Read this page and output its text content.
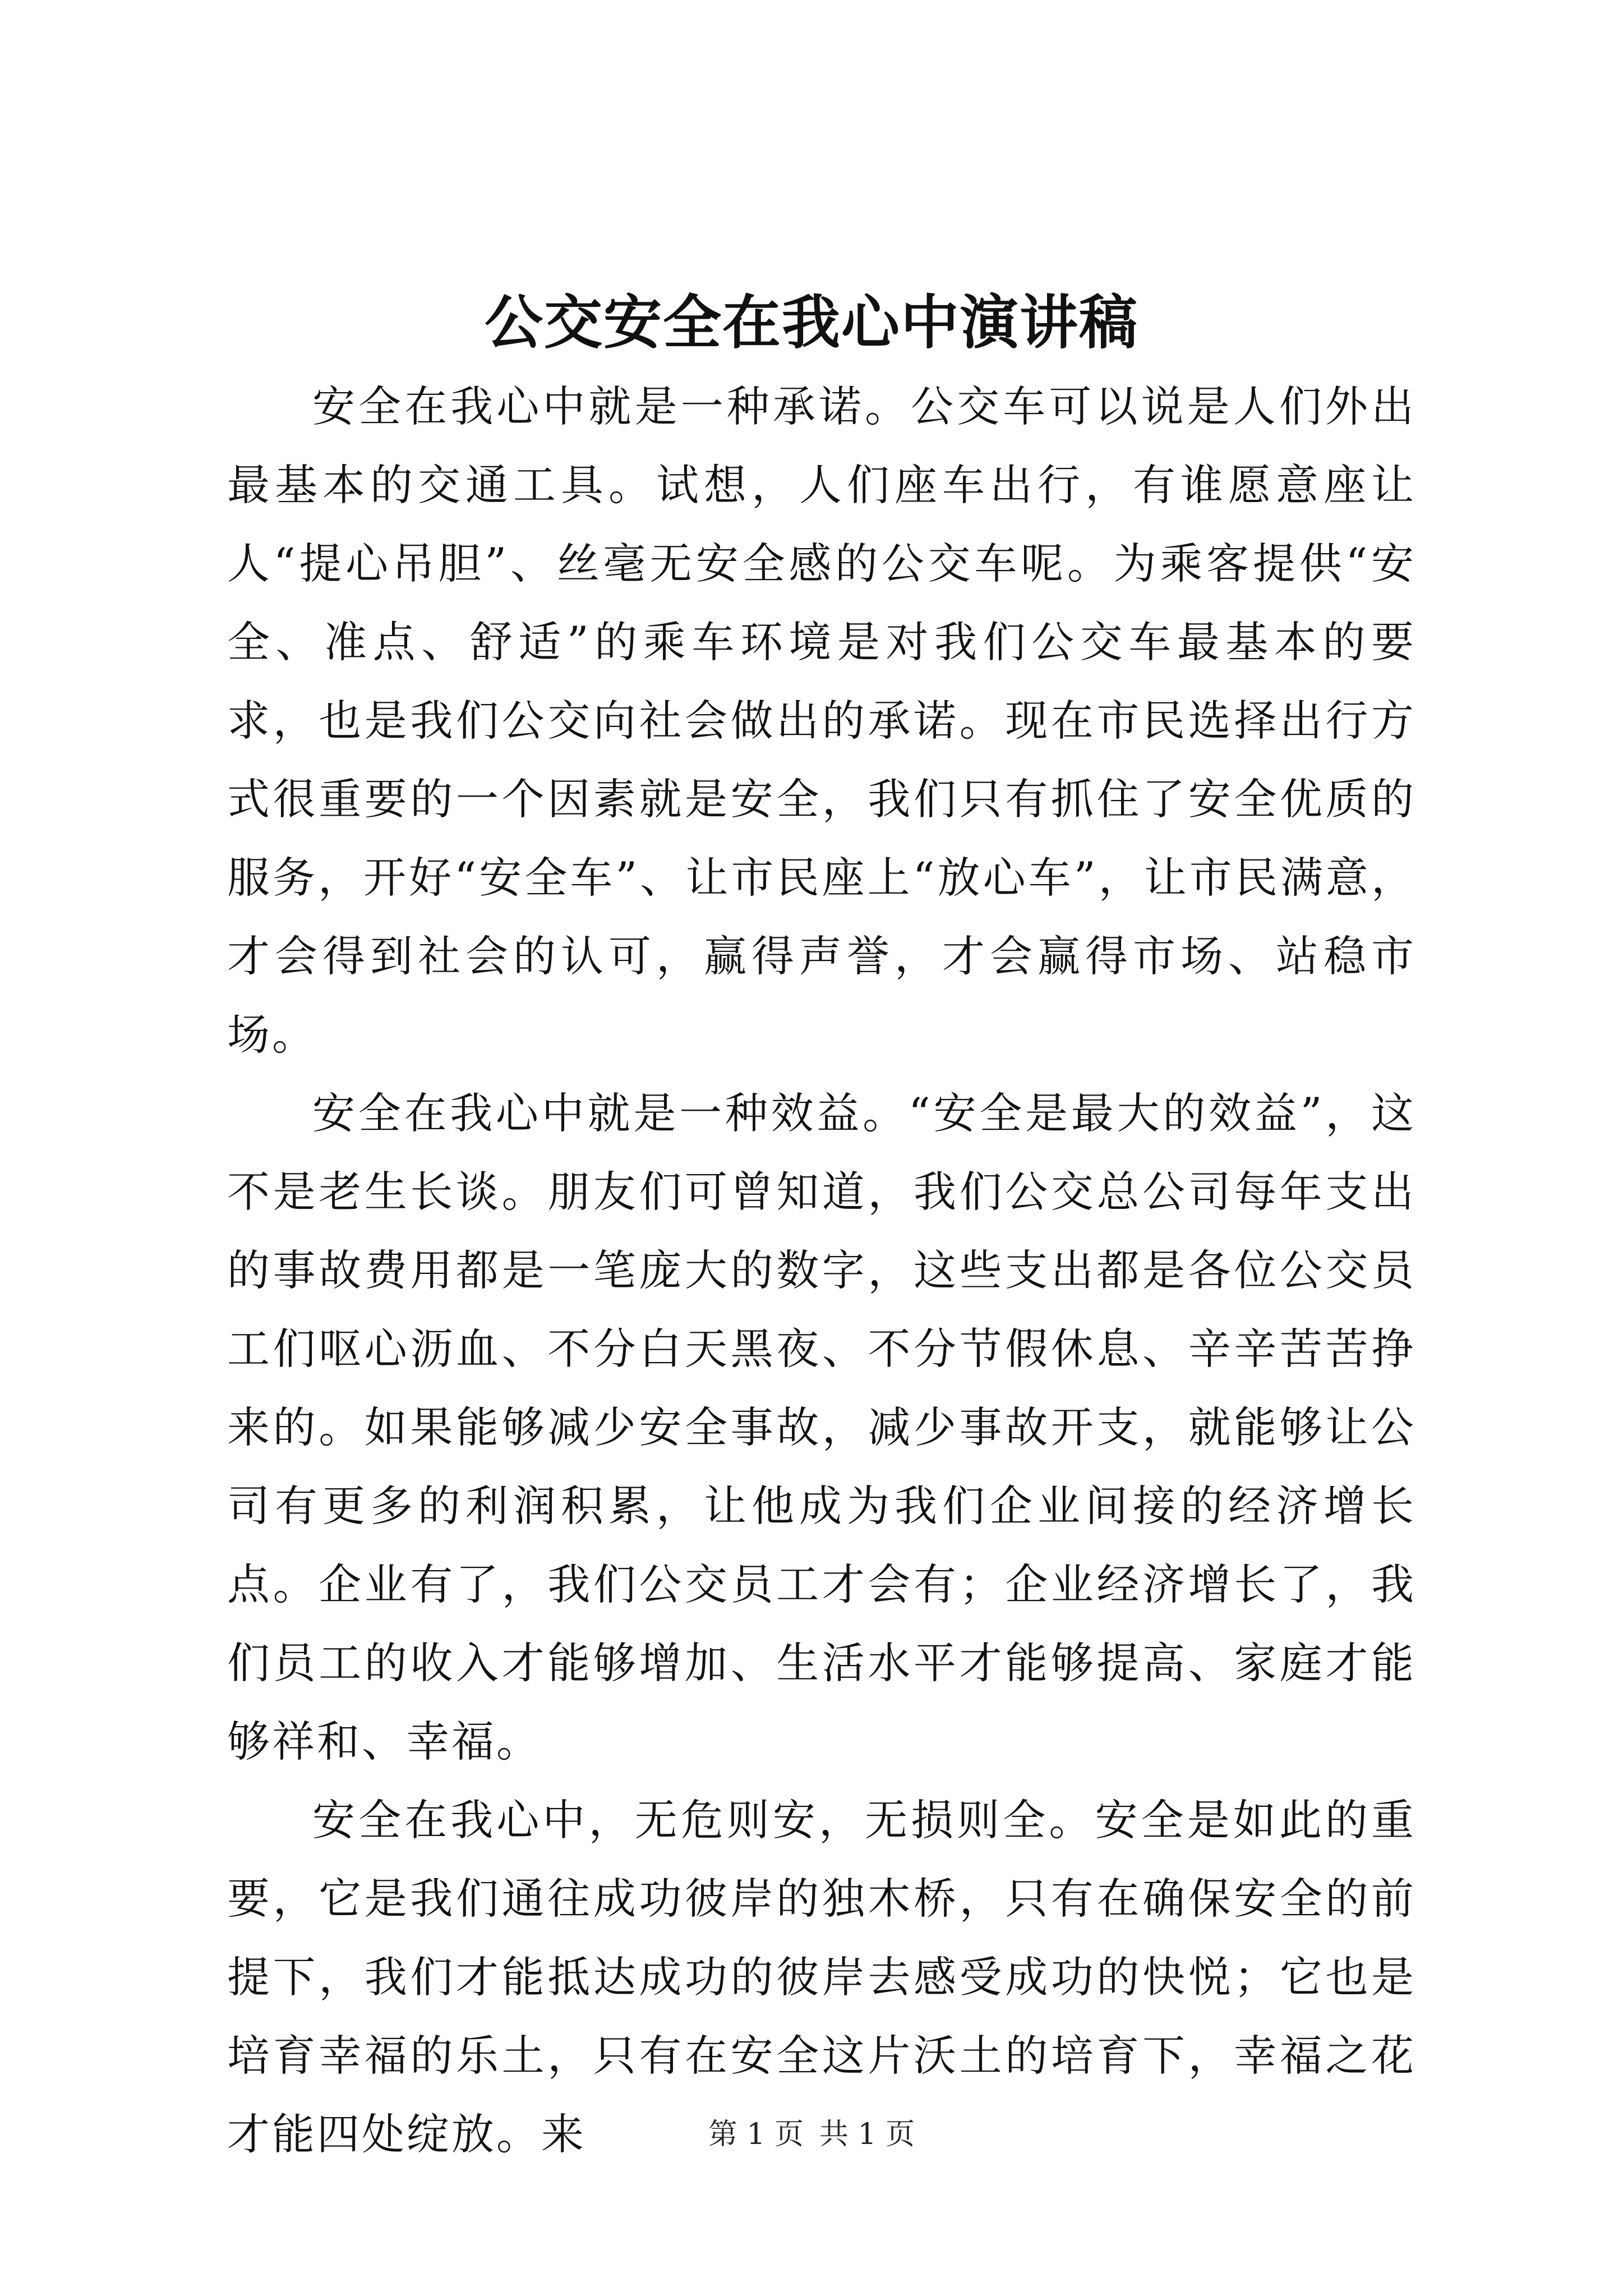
公交安全在我心中演讲稿

安全在我心中就是一种承诺。公交车可以说是人们外出最基本的交通工具。试想，人们座车出行，有谁愿意座让人“提心吊胆”、丝毫无安全感的公交车呢。为乘客提供“安全、准点、舒适”的乘车环境是对我们公交车最基本的要求，也是我们公交向社会做出的承诺。现在市民选择出行方式很重要的一个因素就是安全，我们只有抓住了安全优质的服务，开好“安全车”、让市民座上“放心车”，让市民满意，才会得到社会的认可，赢得声誉，才会赢得市场、站稳市场。

安全在我心中就是一种效益。“安全是最大的效益”，这不是老生长谈。朋友们可曾知道，我们公交总公司每年支出的事故费用都是一笔庞大的数字，这些支出都是各位公交员工们呕心沥血、不分白天黑夜、不分节假休息、辛辛苦苦挣来的。如果能够减少安全事故，减少事故开支，就能够让公司有更多的利润积累，让他成为我们企业间接的经济增长点。企业有了，我们公交员工才会有；企业经济增长了，我们员工的收入才能够增加、生活水平才能够提高、家庭才能够祥和、幸福。

安全在我心中，无危则安，无损则全。安全是如此的重要，它是我们通往成功彼岸的独木桥，只有在确保安全的前提下，我们才能抵达成功的彼岸去感受成功的快悦；它也是培育幸福的乐土，只有在安全这片沃土的培育下，幸福之花才能四处绽放。来	第 1 页 共 1 页
